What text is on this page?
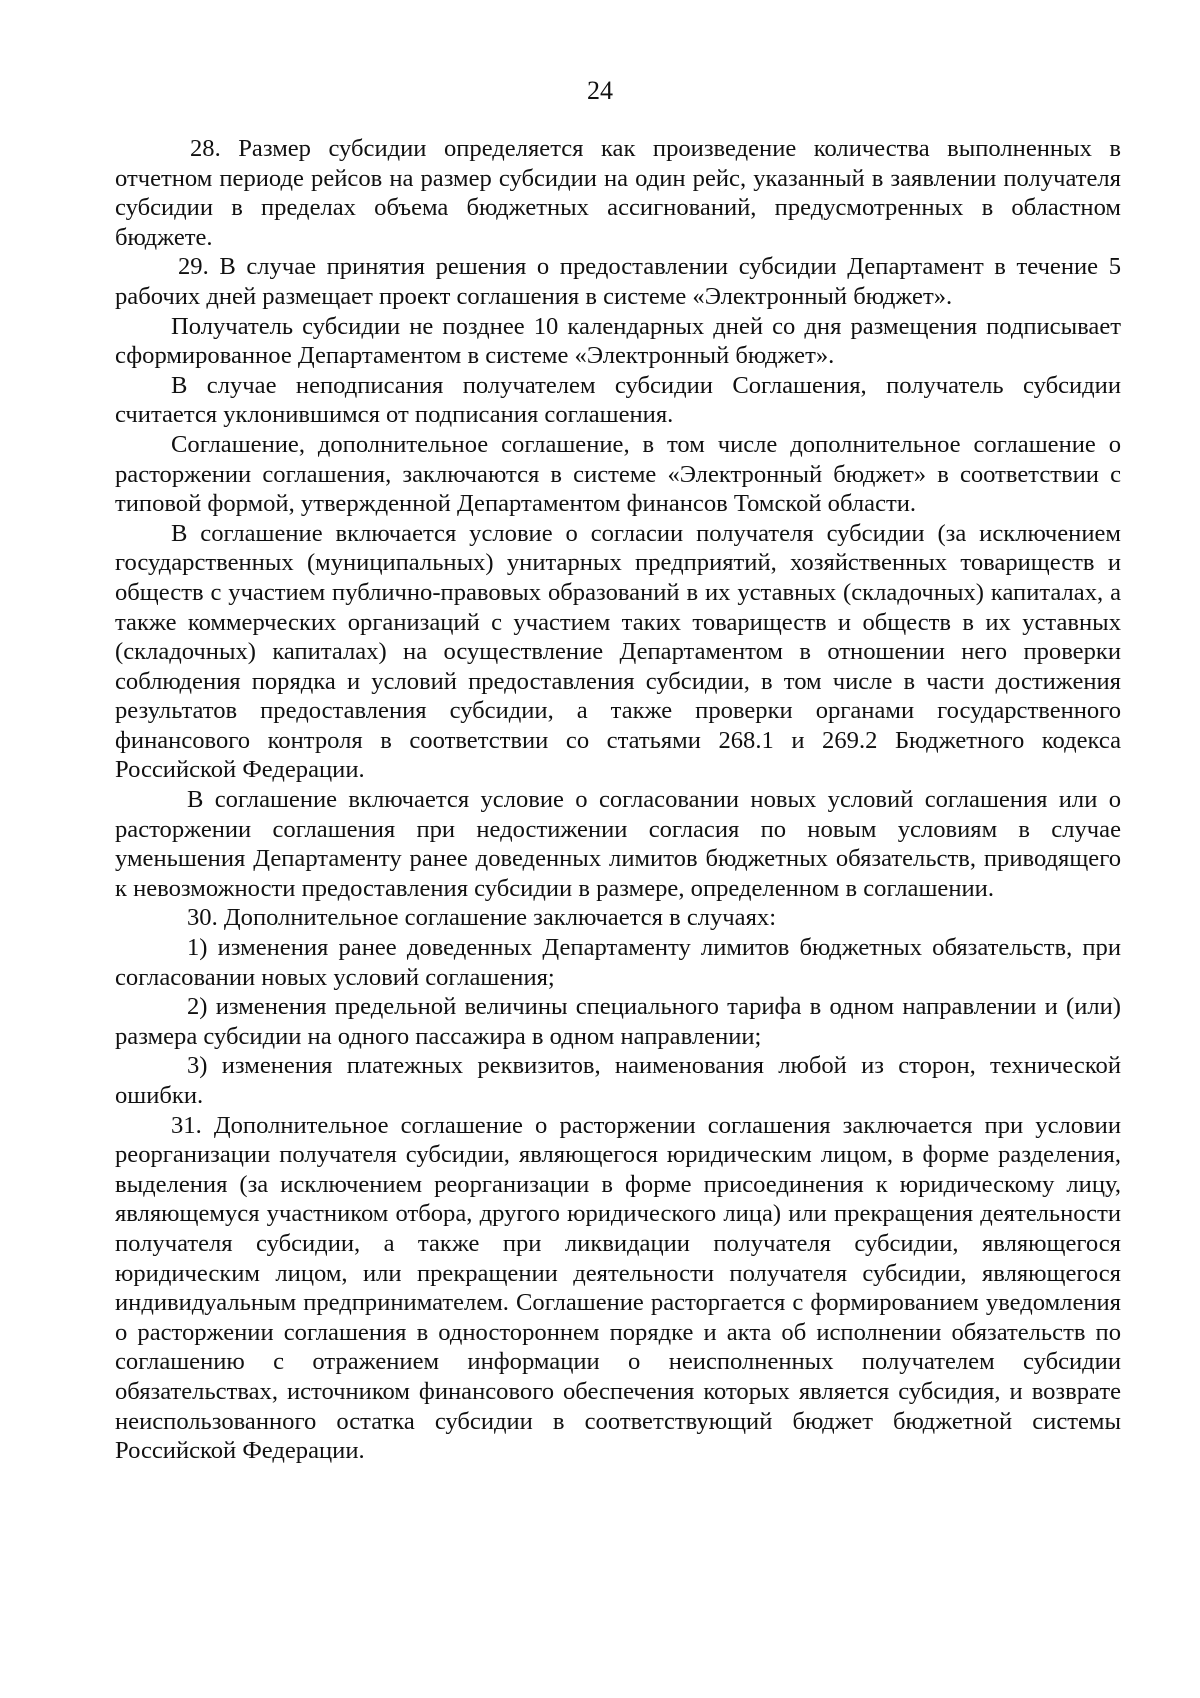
24

28. Размер субсидии определяется как произведение количества выполненных в отчетном периоде рейсов на размер субсидии на один рейс, указанный в заявлении получателя субсидии в пределах объема бюджетных ассигнований, предусмотренных в областном бюджете.

29. В случае принятия решения о предоставлении субсидии Департамент в течение 5 рабочих дней размещает проект соглашения в системе «Электронный бюджет».

Получатель субсидии не позднее 10 календарных дней со дня размещения подписывает сформированное Департаментом в системе «Электронный бюджет».

В случае неподписания получателем субсидии Соглашения, получатель субсидии считается уклонившимся от подписания соглашения.

Соглашение, дополнительное соглашение, в том числе дополнительное соглашение о расторжении соглашения, заключаются в системе «Электронный бюджет» в соответствии с типовой формой, утвержденной Департаментом финансов Томской области.

В соглашение включается условие о согласии получателя субсидии (за исключением государственных (муниципальных) унитарных предприятий, хозяйственных товариществ и обществ с участием публично-правовых образований в их уставных (складочных) капиталах, а также коммерческих организаций с участием таких товариществ и обществ в их уставных (складочных) капиталах) на осуществление Департаментом в отношении него проверки соблюдения порядка и условий предоставления субсидии, в том числе в части достижения результатов предоставления субсидии, а также проверки органами государственного финансового контроля в соответствии со статьями 268.1 и 269.2 Бюджетного кодекса Российской Федерации.

В соглашение включается условие о согласовании новых условий соглашения или о расторжении соглашения при недостижении согласия по новым условиям в случае уменьшения Департаменту ранее доведенных лимитов бюджетных обязательств, приводящего к невозможности предоставления субсидии в размере, определенном в соглашении.

30. Дополнительное соглашение заключается в случаях:

1) изменения ранее доведенных Департаменту лимитов бюджетных обязательств, при согласовании новых условий соглашения;

2) изменения предельной величины специального тарифа в одном направлении и (или) размера субсидии на одного пассажира в одном направлении;

3) изменения платежных реквизитов, наименования любой из сторон, технической ошибки.

31. Дополнительное соглашение о расторжении соглашения заключается при условии реорганизации получателя субсидии, являющегося юридическим лицом, в форме разделения, выделения (за исключением реорганизации в форме присоединения к юридическому лицу, являющемуся участником отбора, другого юридического лица) или прекращения деятельности получателя субсидии, а также при ликвидации получателя субсидии, являющегося юридическим лицом, или прекращении деятельности получателя субсидии, являющегося индивидуальным предпринимателем. Соглашение расторгается с формированием уведомления о расторжении соглашения в одностороннем порядке и акта об исполнении обязательств по соглашению с отражением информации о неисполненных получателем субсидии обязательствах, источником финансового обеспечения которых является субсидия, и возврате неиспользованного остатка субсидии в соответствующий бюджет бюджетной системы Российской Федерации.
